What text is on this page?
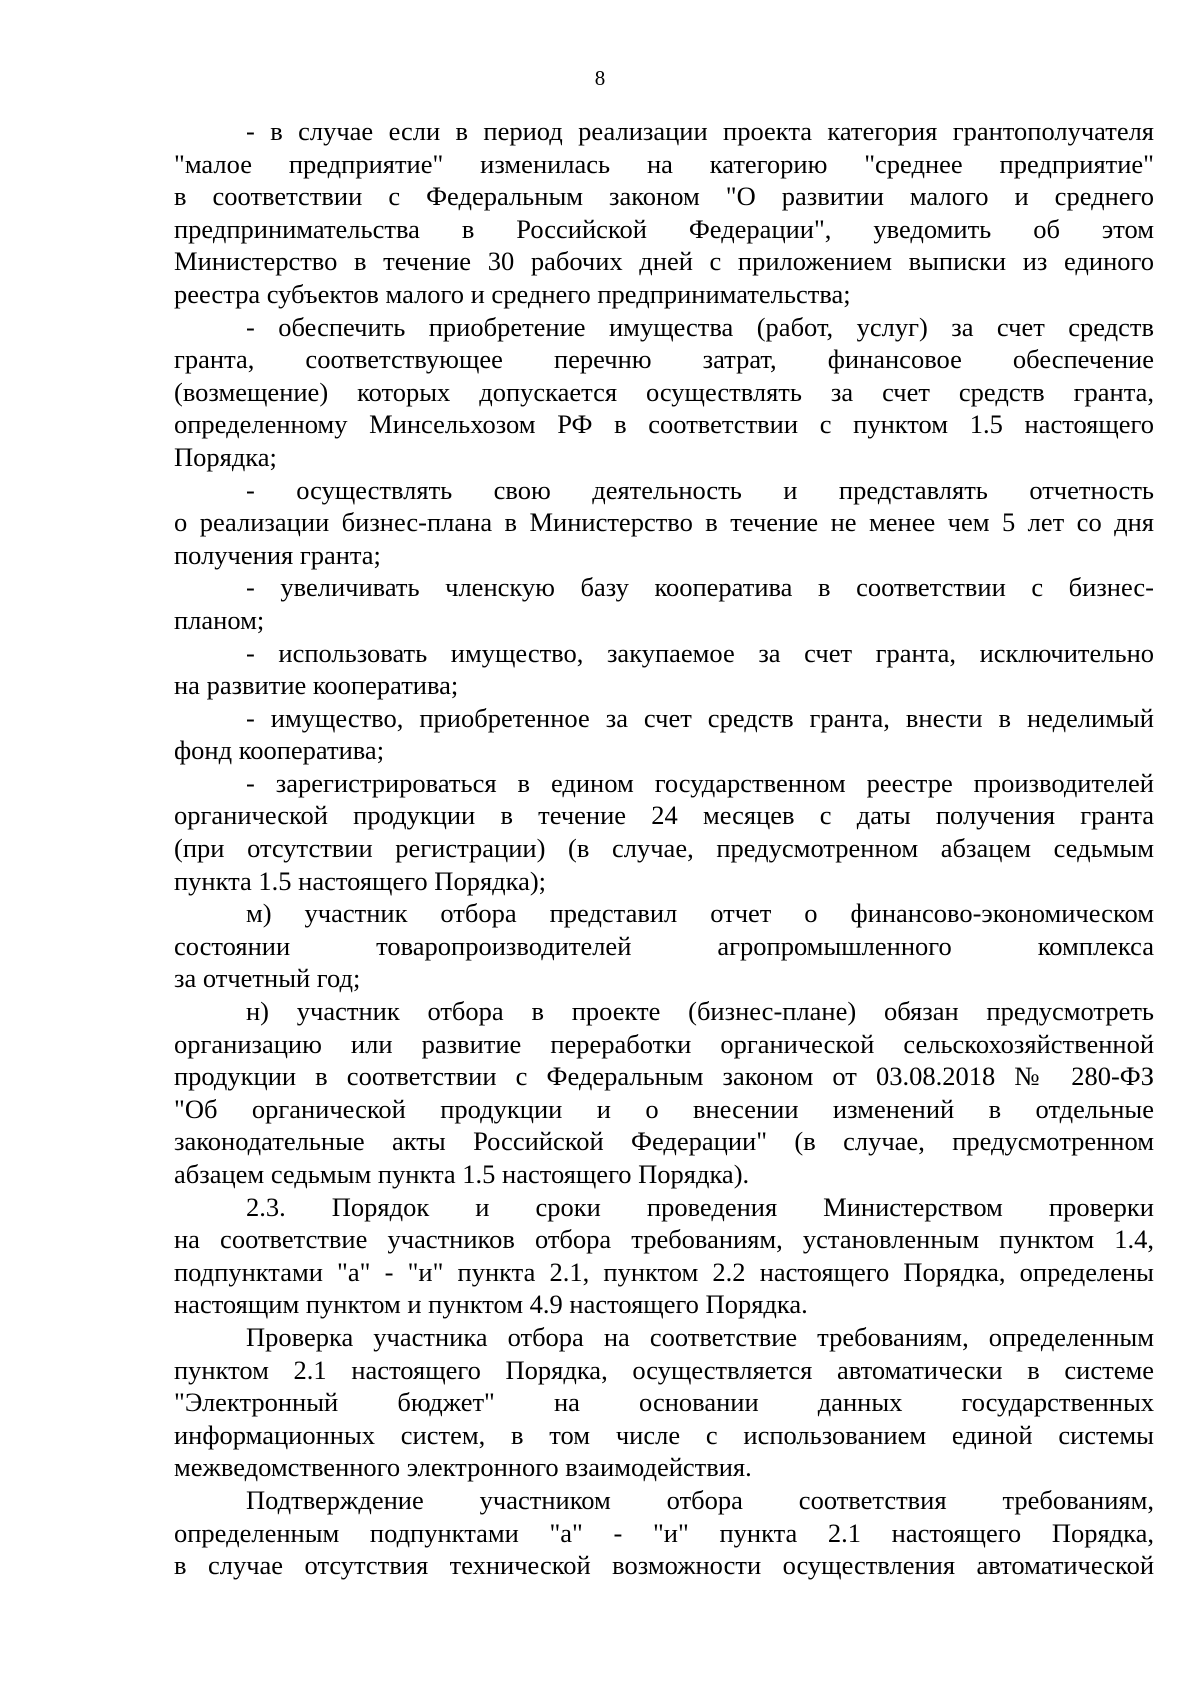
8

- в случае если в период реализации проекта категория грантополучателя
"малое предприятие" изменилась на категорию "среднее предприятие"
в соответствии с Федеральным законом "О развитии малого и среднего
предпринимательства в Российской Федерации", уведомить об этом
Министерство в течение 30 рабочих дней с приложением выписки из единого
реестра субъектов малого и среднего предпринимательства;

- обеспечить приобретение имущества (работ, услуг) за счет средств
гранта, соответствующее перечню затрат, финансовое обеспечение
(возмещение) которых допускается осуществлять за счет средств гранта,
определенному Минсельхозом РФ в соответствии с пунктом 1.5 настоящего
Порядка;

- осуществлять свою деятельность и представлять отчетность
о реализации бизнес-плана в Министерство в течение не менее чем 5 лет со дня
получения гранта;

- увеличивать членскую базу кооператива в соответствии с бизнес-
планом;

- использовать имущество, закупаемое за счет гранта, исключительно
на развитие кооператива;

- имущество, приобретенное за счет средств гранта, внести в неделимый
фонд кооператива;

- зарегистрироваться в едином государственном реестре производителей
органической продукции в течение 24 месяцев с даты получения гранта
(при отсутствии регистрации) (в случае, предусмотренном абзацем седьмым
пункта 1.5 настоящего Порядка);

м) участник отбора представил отчет о финансово-экономическом
состоянии товаропроизводителей агропромышленного комплекса
за отчетный год;

н) участник отбора в проекте (бизнес-плане) обязан предусмотреть
организацию или развитие переработки органической сельскохозяйственной
продукции в соответствии с Федеральным законом от 03.08.2018 № 280-ФЗ
"Об органической продукции и о внесении изменений в отдельные
законодательные акты Российской Федерации" (в случае, предусмотренном
абзацем седьмым пункта 1.5 настоящего Порядка).

2.3. Порядок и сроки проведения Министерством проверки
на соответствие участников отбора требованиям, установленным пунктом 1.4,
подпунктами "а" - "и" пункта 2.1, пунктом 2.2 настоящего Порядка, определены
настоящим пунктом и пунктом 4.9 настоящего Порядка.

Проверка участника отбора на соответствие требованиям, определенным
пунктом 2.1 настоящего Порядка, осуществляется автоматически в системе
"Электронный бюджет" на основании данных государственных
информационных систем, в том числе с использованием единой системы
межведомственного электронного взаимодействия.

Подтверждение участником отбора соответствия требованиям,
определенным подпунктами "а" - "и" пункта 2.1 настоящего Порядка,
в случае отсутствия технической возможности осуществления автоматической
